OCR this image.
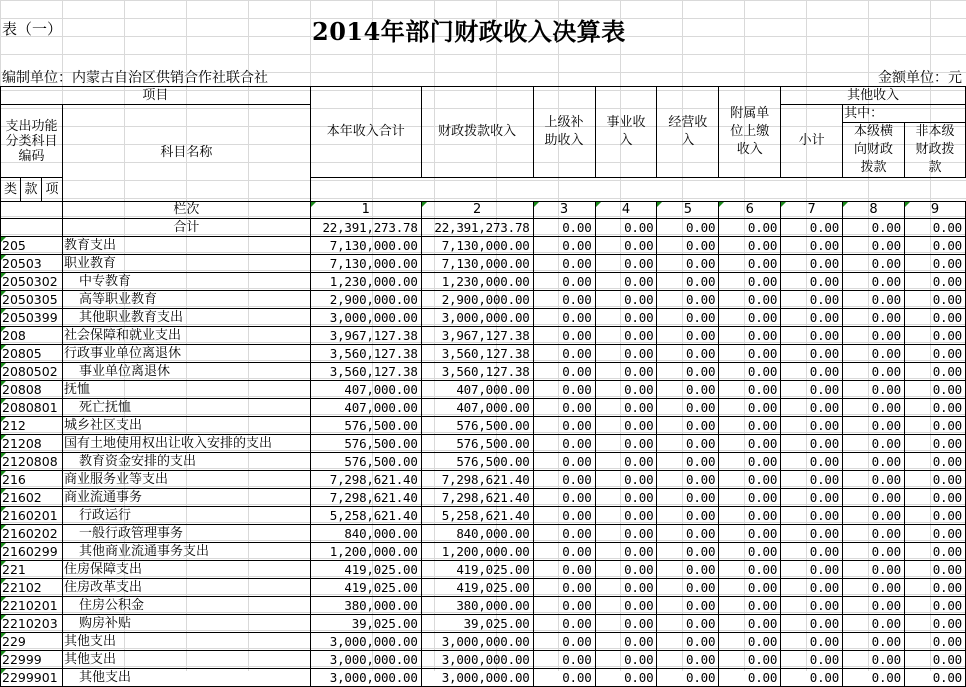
表（一）	2014年部门财政收入决算表
编制单位：内蒙古自治区供销合作社联合社	金额单位：元
项目				本年收入合计	财政拨款收入	上级补助收入	事业收入	经营收入	附属单位上缴收入	其他收入		

支出功能分类科目编码			科目名称							小计	其中：	

											本级横向财政拨款	非本级财政拨款

类	款	项										
			栏次	1	2	3	4	5	6	7	8	9
			合计	22,391,273.78	22,391,273.78	0.00	0.00	0.00	0.00	0.00	0.00	0.00
205			教育支出	7,130,000.00	7,130,000.00	0.00	0.00	0.00	0.00	0.00	0.00	0.00
20503			职业教育	7,130,000.00	7,130,000.00	0.00	0.00	0.00	0.00	0.00	0.00	0.00
2050302			中专教育	1,230,000.00	1,230,000.00	0.00	0.00	0.00	0.00	0.00	0.00	0.00
2050305			高等职业教育	2,900,000.00	2,900,000.00	0.00	0.00	0.00	0.00	0.00	0.00	0.00
2050399			其他职业教育支出	3,000,000.00	3,000,000.00	0.00	0.00	0.00	0.00	0.00	0.00	0.00
208			社会保障和就业支出	3,967,127.38	3,967,127.38	0.00	0.00	0.00	0.00	0.00	0.00	0.00
20805			行政事业单位离退休	3,560,127.38	3,560,127.38	0.00	0.00	0.00	0.00	0.00	0.00	0.00
2080502			事业单位离退休	3,560,127.38	3,560,127.38	0.00	0.00	0.00	0.00	0.00	0.00	0.00
20808			抚恤	407,000.00	407,000.00	0.00	0.00	0.00	0.00	0.00	0.00	0.00
2080801			死亡抚恤	407,000.00	407,000.00	0.00	0.00	0.00	0.00	0.00	0.00	0.00
212			城乡社区支出	576,500.00	576,500.00	0.00	0.00	0.00	0.00	0.00	0.00	0.00
21208			国有土地使用权出让收入安排的支出	576,500.00	576,500.00	0.00	0.00	0.00	0.00	0.00	0.00	0.00
2120808			教育资金安排的支出	576,500.00	576,500.00	0.00	0.00	0.00	0.00	0.00	0.00	0.00
216			商业服务业等支出	7,298,621.40	7,298,621.40	0.00	0.00	0.00	0.00	0.00	0.00	0.00
21602			商业流通事务	7,298,621.40	7,298,621.40	0.00	0.00	0.00	0.00	0.00	0.00	0.00
2160201			行政运行	5,258,621.40	5,258,621.40	0.00	0.00	0.00	0.00	0.00	0.00	0.00
2160202			一般行政管理事务	840,000.00	840,000.00	0.00	0.00	0.00	0.00	0.00	0.00	0.00
2160299			其他商业流通事务支出	1,200,000.00	1,200,000.00	0.00	0.00	0.00	0.00	0.00	0.00	0.00
221			住房保障支出	419,025.00	419,025.00	0.00	0.00	0.00	0.00	0.00	0.00	0.00
22102			住房改革支出	419,025.00	419,025.00	0.00	0.00	0.00	0.00	0.00	0.00	0.00
2210201			住房公积金	380,000.00	380,000.00	0.00	0.00	0.00	0.00	0.00	0.00	0.00
2210203			购房补贴	39,025.00	39,025.00	0.00	0.00	0.00	0.00	0.00	0.00	0.00
229			其他支出	3,000,000.00	3,000,000.00	0.00	0.00	0.00	0.00	0.00	0.00	0.00
22999			其他支出	3,000,000.00	3,000,000.00	0.00	0.00	0.00	0.00	0.00	0.00	0.00
2299901			其他支出	3,000,000.00	3,000,000.00	0.00	0.00	0.00	0.00	0.00	0.00	0.00
